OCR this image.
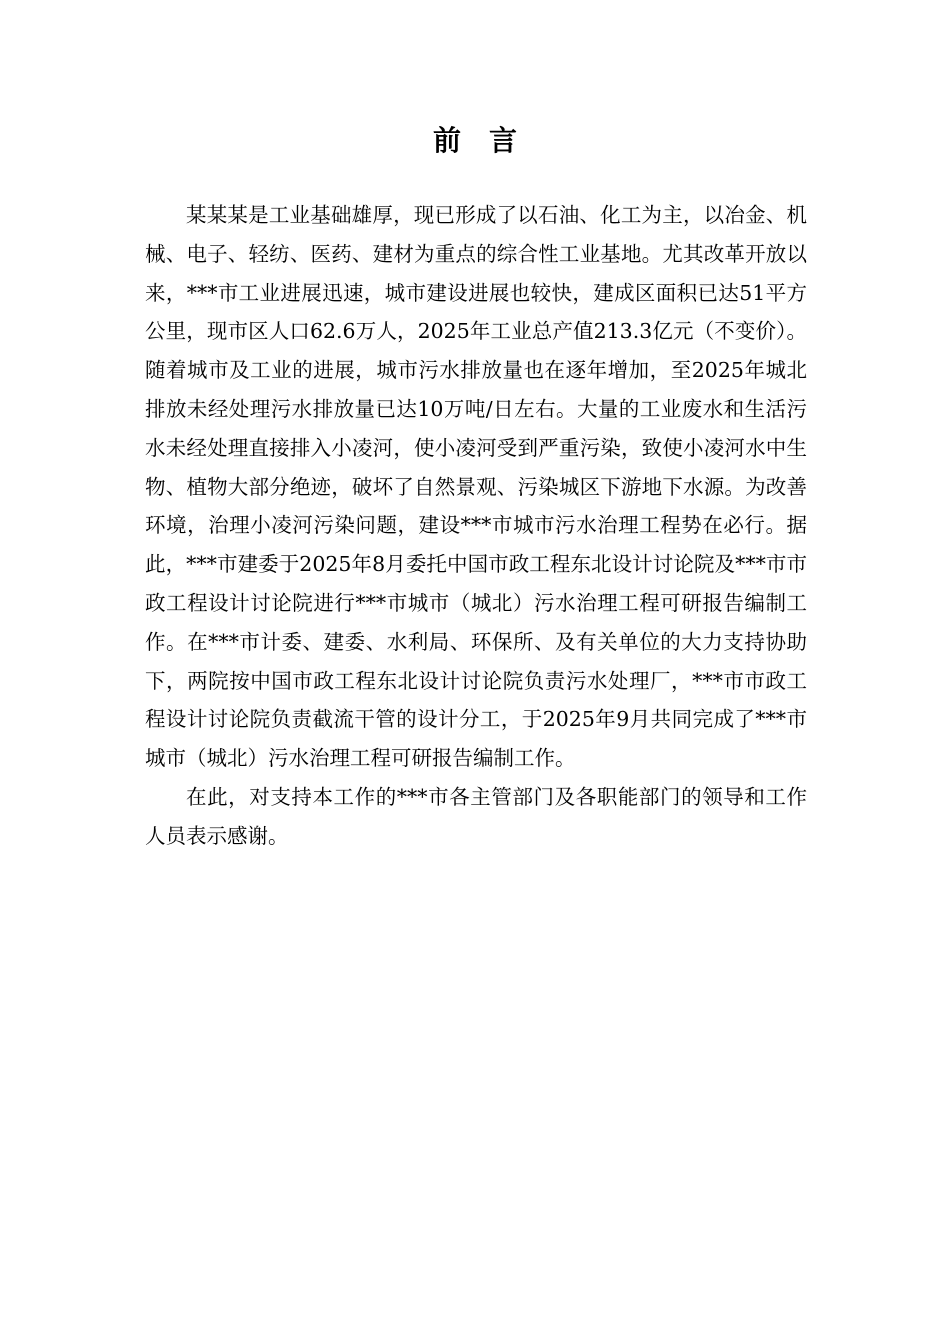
前言

某某某是工业基础雄厚，现已形成了以石油、化工为主，以冶金、机械、电子、轻纺、医药、建材为重点的综合性工业基地。尤其改革开放以来，***市工业进展迅速，城市建设进展也较快，建成区面积已达51平方公里，现市区人口62.6万人，2025年工业总产值213.3亿元（不变价）。随着城市及工业的进展，城市污水排放量也在逐年增加，至2025年城北排放未经处理污水排放量已达10万吨/日左右。大量的工业废水和生活污水未经处理直接排入小凌河，使小凌河受到严重污染，致使小凌河水中生物、植物大部分绝迹，破坏了自然景观、污染城区下游地下水源。为改善环境，治理小凌河污染问题，建设***市城市污水治理工程势在必行。据此，***市建委于2025年8月委托中国市政工程东北设计讨论院及***市市政工程设计讨论院进行***市城市（城北）污水治理工程可研报告编制工作。在***市计委、建委、水利局、环保所、及有关单位的大力支持协助下，两院按中国市政工程东北设计讨论院负责污水处理厂，***市市政工程设计讨论院负责截流干管的设计分工，于2025年9月共同完成了***市城市（城北）污水治理工程可研报告编制工作。

在此，对支持本工作的***市各主管部门及各职能部门的领导和工作人员表示感谢。
